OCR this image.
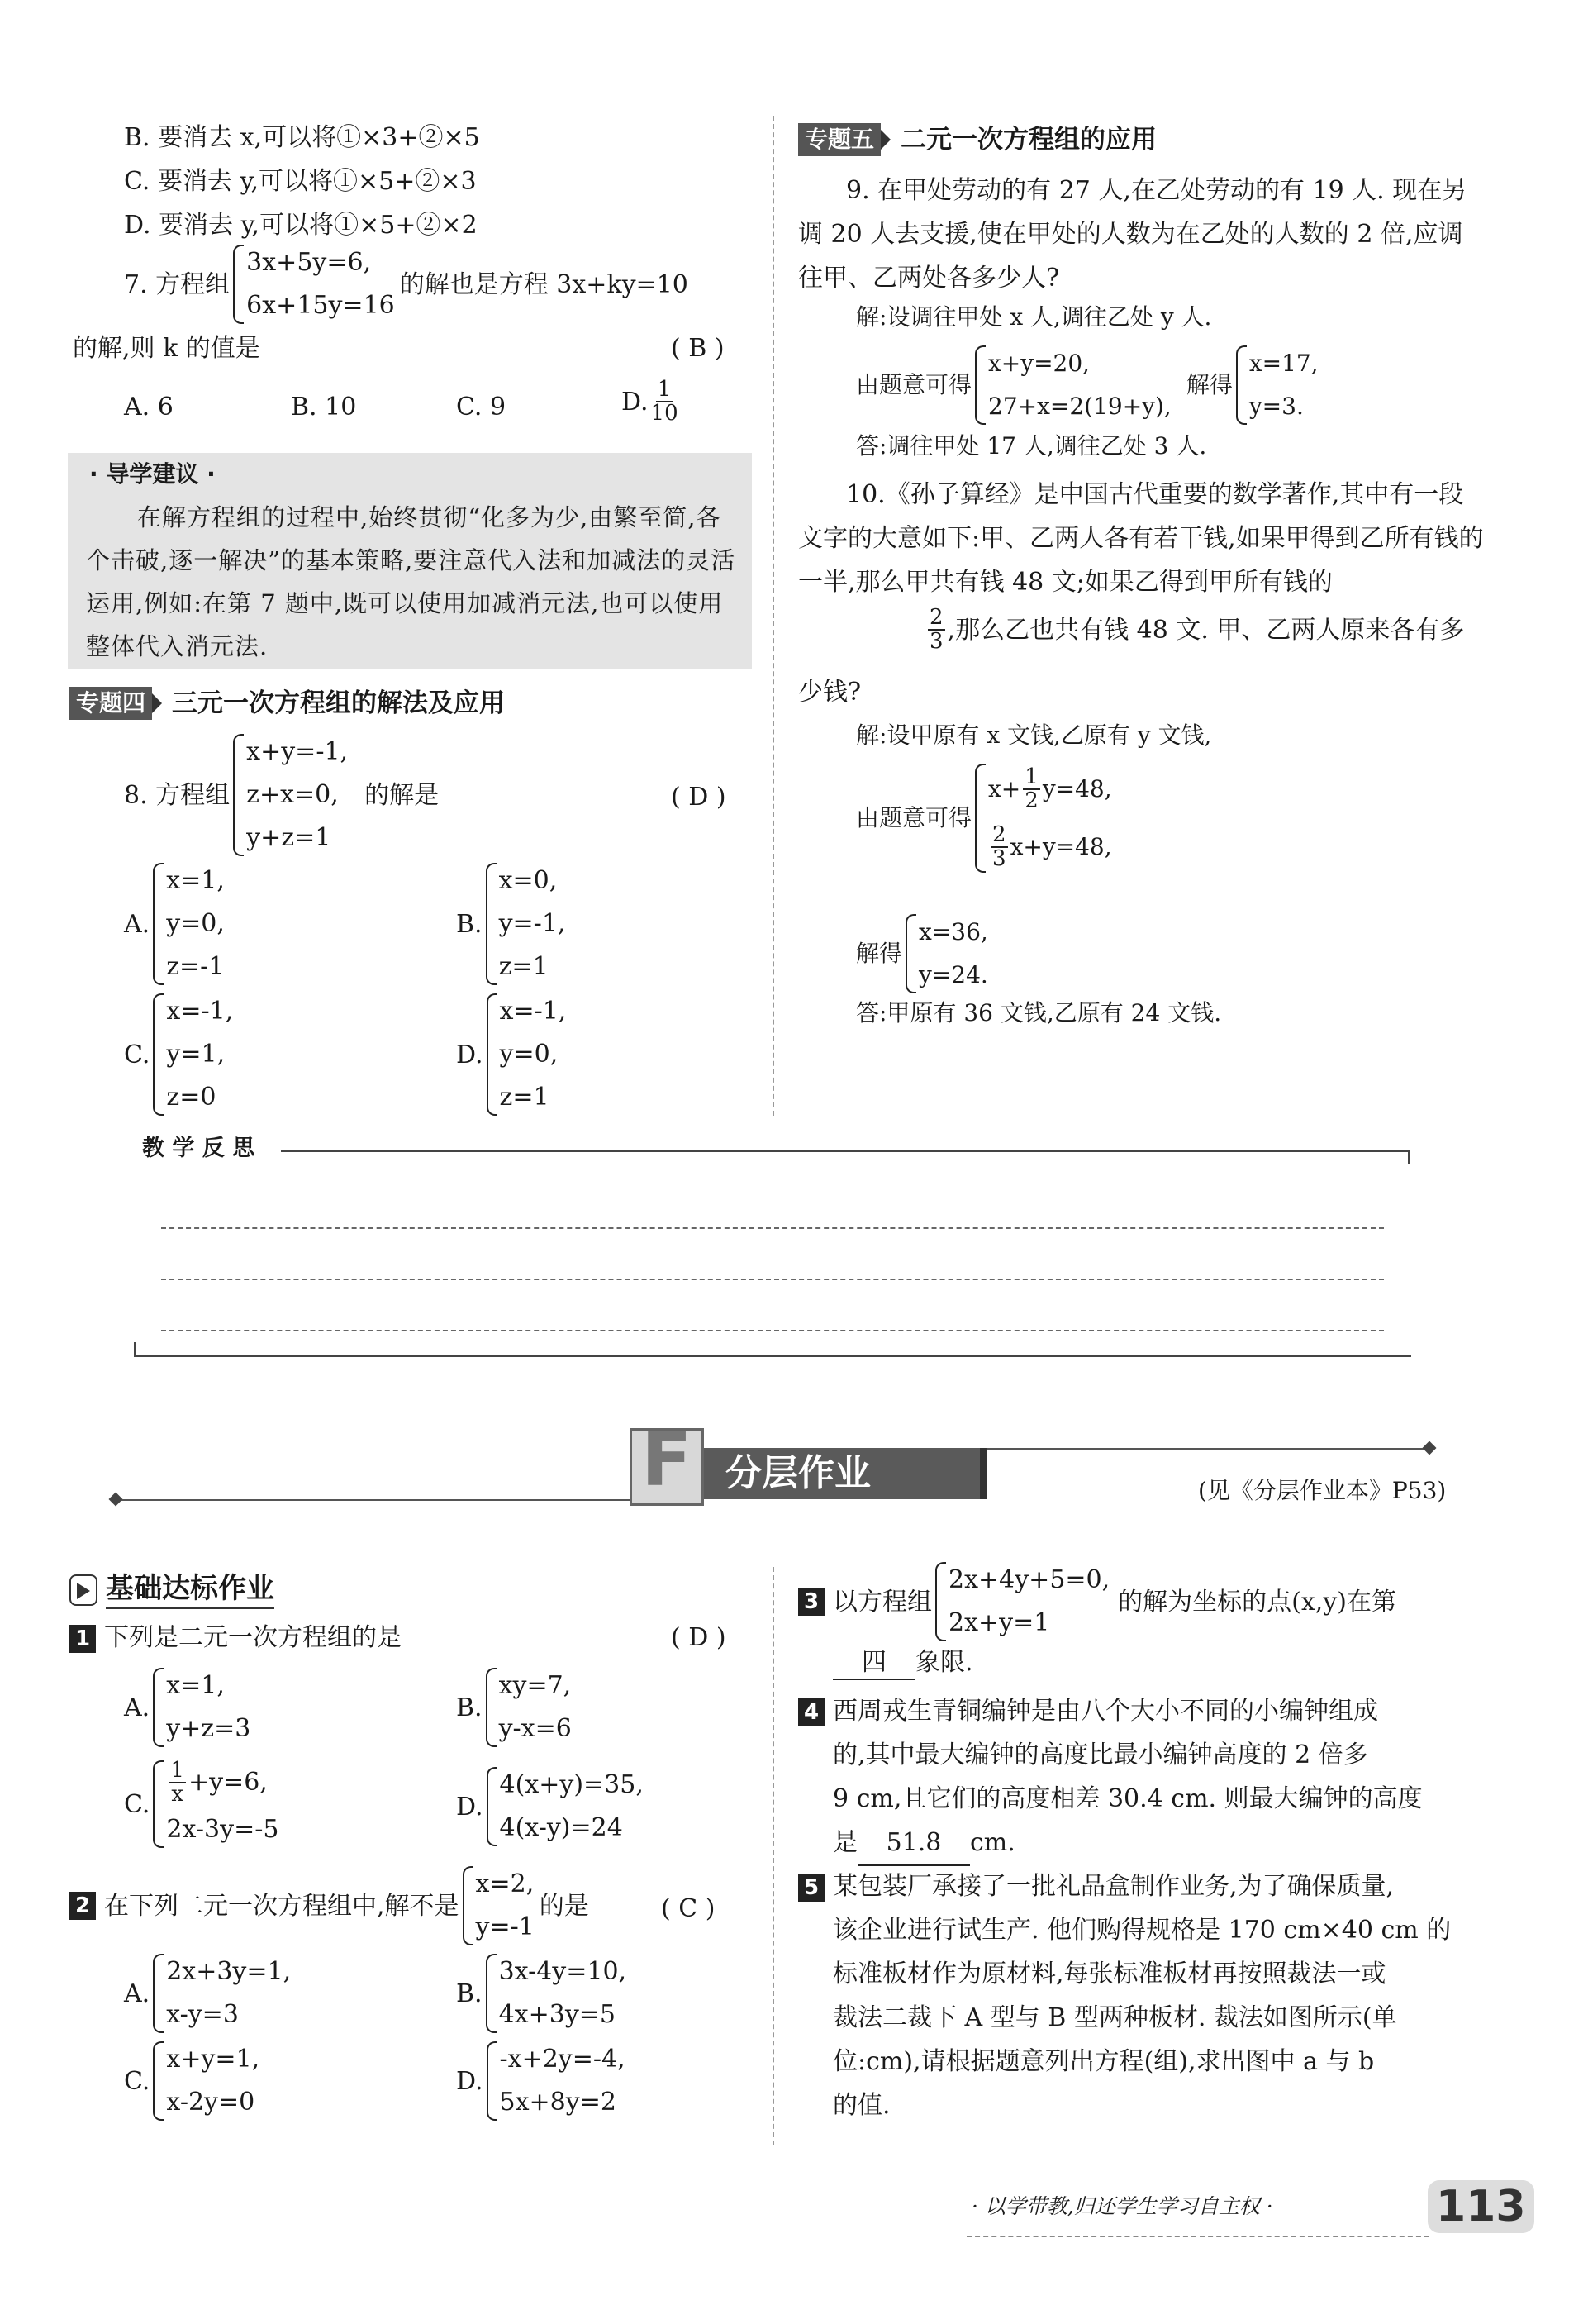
B. 要消去 x,可以将①×3+②×5
C. 要消去 y,可以将①×5+②×3
D. 要消去 y,可以将①×5+②×2
7. 方程组
3x+5y=6,
6x+15y=16
的解也是方程 3x+ky=10
的解,则 k 的值是	( B )
A. 6	B. 10	C. 9	D. $\frac{1}{10}$
· 导学建议 ·
在解方程组的过程中,始终贯彻“化多为少,由繁至简,各个击破,逐一解决”的基本策略,要注意代入法和加减法的灵活运用,例如:在第 7 题中,既可以使用加减消元法,也可以使用整体代入消元法.
专题四 三元一次方程组的解法及应用
8. 方程组
x+y=-1,
z+x=0,
y+z=1
的解是	( D )
A.
x=1,
y=0,
z=-1
B.
x=0,
y=-1,
z=1
C.
x=-1,
y=1,
z=0
D.
x=-1,
y=0,
z=1
专题五 二元一次方程组的应用
9. 在甲处劳动的有 27 人,在乙处劳动的有 19 人. 现在另调 20 人去支援,使在甲处的人数为在乙处的人数的 2 倍,应调往甲、乙两处各多少人?
解:设调往甲处 x 人,调往乙处 y 人.
由题意可得
x+y=20,
27+x=2(19+y),
解得
x=17,
y=3.
答:调往甲处 17 人,调往乙处 3 人.
10.《孙子算经》是中国古代重要的数学著作,其中有一段文字的大意如下:甲、乙两人各有若干钱,如果甲得到乙所有钱的一半,那么甲共有钱 48 文;如果乙得到甲所有钱的
$\frac{2}{3}$ ,那么乙也共有钱 48 文. 甲、乙两人原来各有多
少钱?
解:设甲原有 x 文钱,乙原有 y 文钱,
由题意可得
$x+ \frac{1}{2} y=48$,
$\frac{2}{3} x+y=48$,
解得
x=36,
y=24.
答:甲原有 36 文钱,乙原有 24 文钱.
教 学 反 思
F 分层作业	(见《分层作业本》P53)
基础达标作业
1 下列是二元一次方程组的是	( D )
A.
x=1,
y+z=3
B.
xy=7,
y-x=6
C. $\frac{1}{x} +y=6$,
2x-3y=-5
D.
4(x+y)=35,
4(x-y)=24
2 在下列二元一次方程组中,解不是
x=2,
y=-1
的是	( C )
A.
2x+3y=1,
x-y=3
B.
3x-4y=10,
4x+3y=5
C.
x+y=1,
x-2y=0
D.
-x+2y=-4,
5x+8y=2
3 以方程组
2x+4y+5=0,
2x+y=1
的解为坐标的点(x,y)在第
四 象限.
4 西周戎生青铜编钟是由八个大小不同的小编钟组成
的,其中最大编钟的高度比最小编钟高度的 2 倍多
9 cm,且它们的高度相差 30.4 cm. 则最大编钟的高度
是 51.8 cm.
5 某包装厂承接了一批礼品盒制作业务,为了确保质量,
该企业进行试生产. 他们购得规格是 170 cm×40 cm 的
标准板材作为原材料,每张标准板材再按照裁法一或
裁法二裁下 A 型与 B 型两种板材. 裁法如图所示(单
位:cm),请根据题意列出方程(组),求出图中 a 与 b
的值.
· 以学带教,归还学生学习自主权 ·	113
